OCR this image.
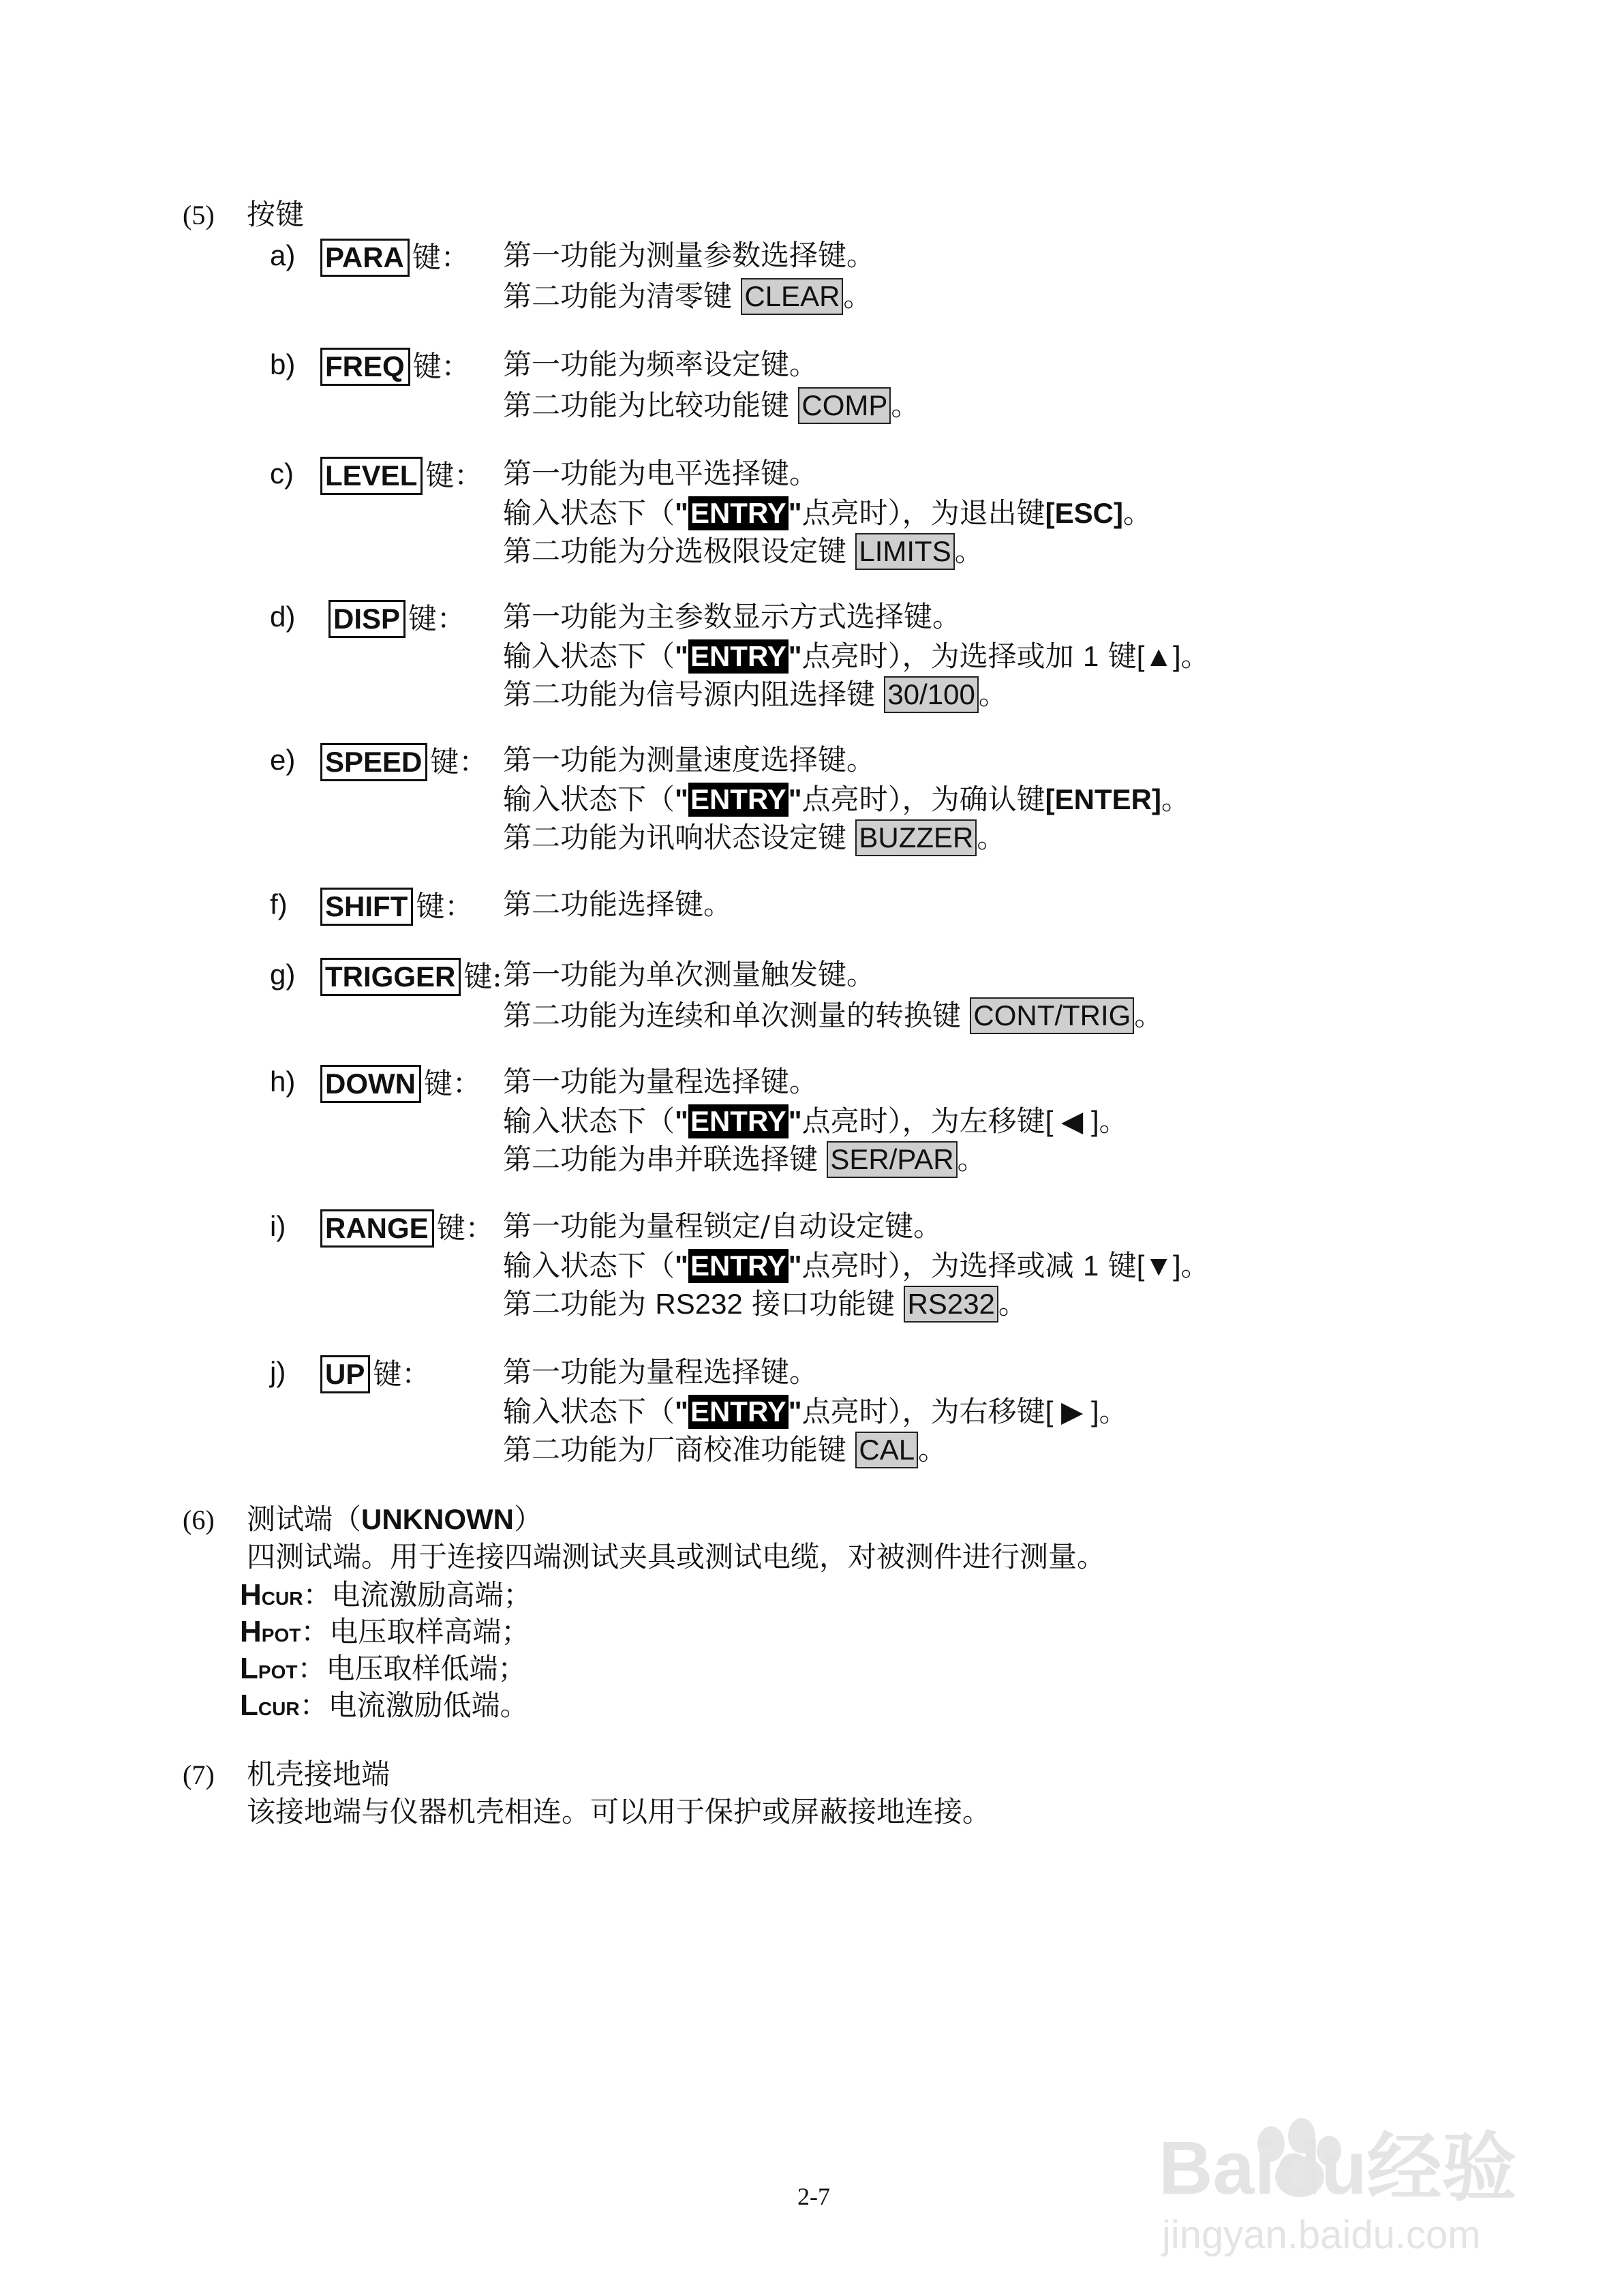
(5) 按键
a) PARA 键： 第一功能为测量参数选择键。
第二功能为清零键 CLEAR 。
b) FREQ 键： 第一功能为频率设定键。
第二功能为比较功能键 COMP 。
c) LEVEL 键： 第一功能为电平选择键。
输入状态下（"ENTRY"点亮时），为退出键[ESC]。
第二功能为分选极限设定键 LIMITS 。
d) DISP 键： 第一功能为主参数显示方式选择键。
输入状态下（"ENTRY"点亮时），为选择或加 1 键[▲]。
第二功能为信号源内阻选择键 30/100 。
e) SPEED 键： 第一功能为测量速度选择键。
输入状态下（"ENTRY"点亮时），为确认键[ENTER]。
第二功能为讯响状态设定键 BUZZER 。
f) SHIFT 键： 第二功能选择键。
g) TRIGGER 键: 第一功能为单次测量触发键。
第二功能为连续和单次测量的转换键 CONT/TRIG 。
h) DOWN 键： 第一功能为量程选择键。
输入状态下（"ENTRY"点亮时），为左移键[ ◀ ]。
第二功能为串并联选择键 SER/PAR 。
i) RANGE 键： 第一功能为量程锁定/自动设定键。
输入状态下（"ENTRY"点亮时），为选择或减 1 键[▼]。
第二功能为 RS232 接口功能键 RS232 。
j) UP 键：	第一功能为量程选择键。
输入状态下（"ENTRY"点亮时），为右移键[ ▶ ]。
第二功能为厂商校准功能键 CAL 。
(6) 测试端（UNKNOWN）
四测试端。用于连接四端测试夹具或测试电缆，对被测件进行测量。
HCUR：电流激励高端；
HPOT：电压取样高端；
LPOT：电压取样低端；
LCUR：电流激励低端。
(7) 机壳接地端
该接地端与仪器机壳相连。可以用于保护或屏蔽接地连接。
2-7	Baidu经验
jingyan.baidu.com
